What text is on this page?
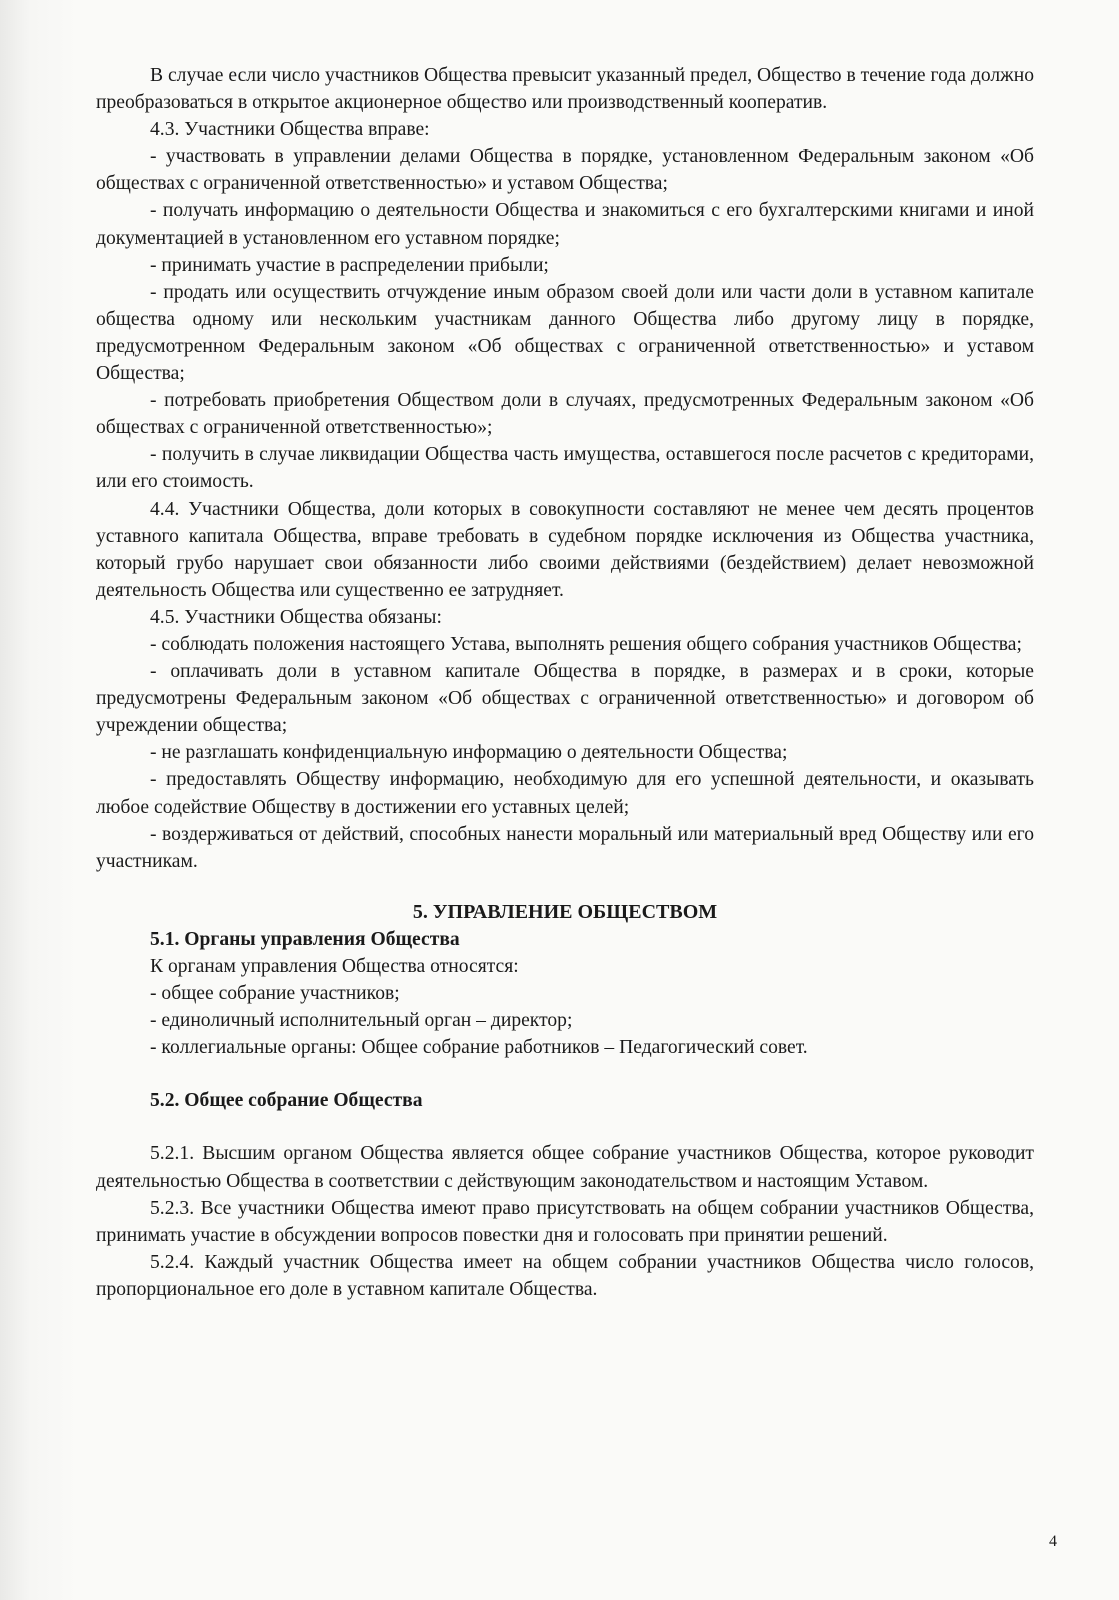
В случае если число участников Общества превысит указанный предел, Общество в течение года должно преобразоваться в открытое акционерное общество или производственный кооператив.

4.3. Участники Общества вправе:

- участвовать в управлении делами Общества в порядке, установленном Федеральным законом «Об обществах с ограниченной ответственностью» и уставом Общества;

- получать информацию о деятельности Общества и знакомиться с его бухгалтерскими книгами и иной документацией в установленном его уставном порядке;

- принимать участие в распределении прибыли;

- продать или осуществить отчуждение иным образом своей доли или части доли в уставном капитале общества одному или нескольким участникам данного Общества либо другому лицу в порядке, предусмотренном Федеральным законом «Об обществах с ограниченной ответственностью» и уставом Общества;

- потребовать приобретения Обществом доли в случаях, предусмотренных Федеральным законом «Об обществах с ограниченной ответственностью»;

- получить в случае ликвидации Общества часть имущества, оставшегося после расчетов с кредиторами, или его стоимость.

4.4. Участники Общества, доли которых в совокупности составляют не менее чем десять процентов уставного капитала Общества, вправе требовать в судебном порядке исключения из Общества участника, который грубо нарушает свои обязанности либо своими действиями (бездействием) делает невозможной деятельность Общества или существенно ее затрудняет.

4.5. Участники Общества обязаны:

- соблюдать положения настоящего Устава, выполнять решения общего собрания участников Общества;

- оплачивать доли в уставном капитале Общества в порядке, в размерах и в сроки, которые предусмотрены Федеральным законом «Об обществах с ограниченной ответственностью» и договором об учреждении общества;

- не разглашать конфиденциальную информацию о деятельности Общества;

- предоставлять Обществу информацию, необходимую для его успешной деятельности, и оказывать любое содействие Обществу в достижении его уставных целей;

- воздерживаться от действий, способных нанести моральный или материальный вред Обществу или его участникам.

5. УПРАВЛЕНИЕ ОБЩЕСТВОМ

5.1. Органы управления Общества

К органам управления Общества относятся:

- общее собрание участников;

- единоличный исполнительный орган – директор;

- коллегиальные органы: Общее собрание работников – Педагогический совет.

5.2. Общее собрание Общества

5.2.1. Высшим органом Общества является общее собрание участников Общества, которое руководит деятельностью Общества в соответствии с действующим законодательством и настоящим Уставом.

5.2.3. Все участники Общества имеют право присутствовать на общем собрании участников Общества, принимать участие в обсуждении вопросов повестки дня и голосовать при принятии решений.

5.2.4. Каждый участник Общества имеет на общем собрании участников Общества число голосов, пропорциональное его доле в уставном капитале Общества.

4
